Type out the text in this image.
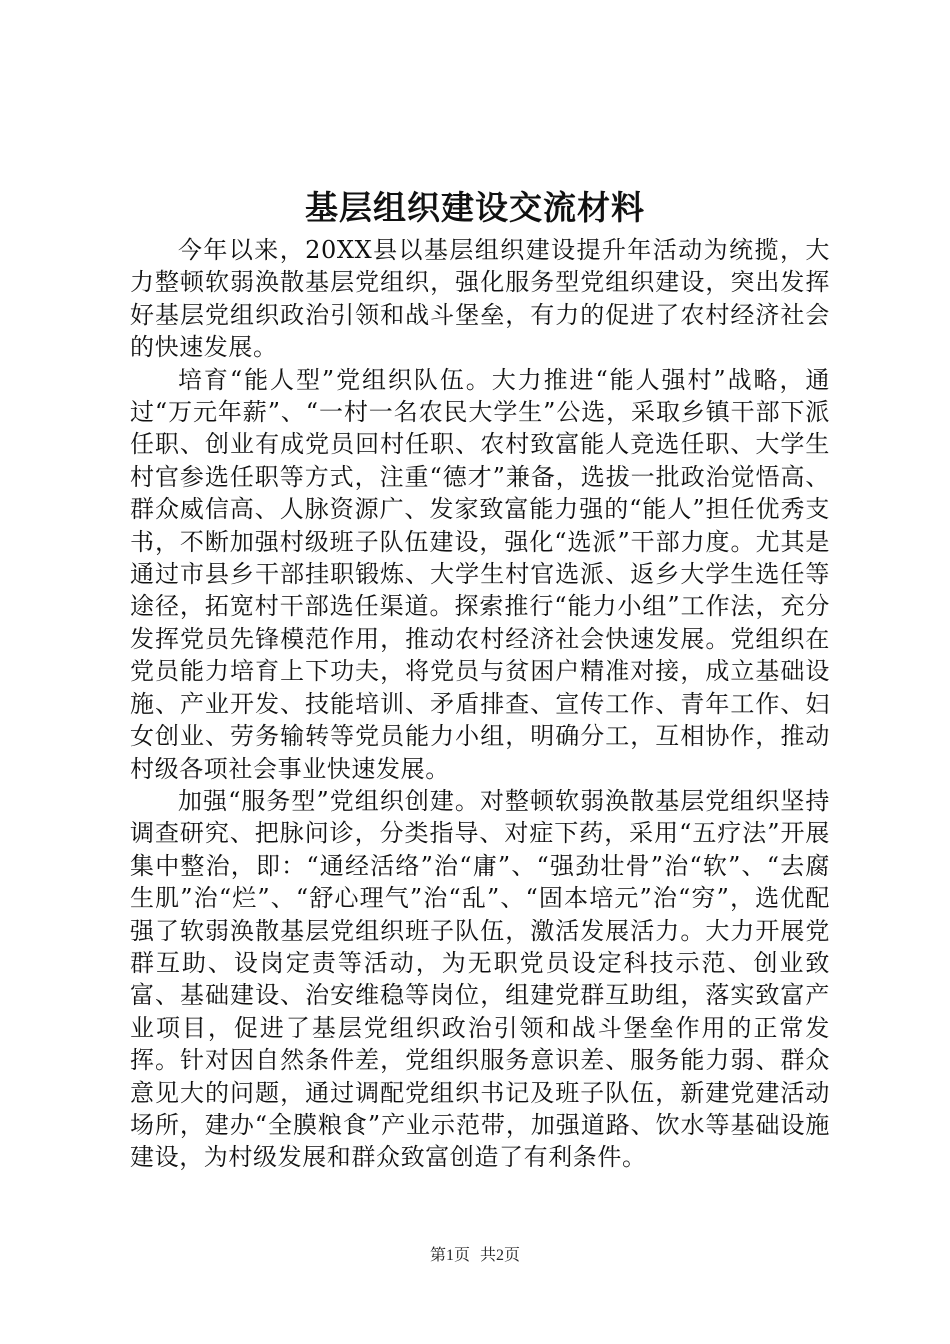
基层组织建设交流材料

今年以来，20XX县以基层组织建设提升年活动为统揽，大力整顿软弱涣散基层党组织，强化服务型党组织建设，突出发挥好基层党组织政治引领和战斗堡垒，有力的促进了农村经济社会的快速发展。

培育“能人型”党组织队伍。大力推进“能人强村”战略，通过“万元年薪”、“一村一名农民大学生”公选，采取乡镇干部下派任职、创业有成党员回村任职、农村致富能人竞选任职、大学生村官参选任职等方式，注重“德才”兼备，选拔一批政治觉悟高、群众威信高、人脉资源广、发家致富能力强的“能人”担任优秀支书，不断加强村级班子队伍建设，强化“选派”干部力度。尤其是通过市县乡干部挂职锻炼、大学生村官选派、返乡大学生选任等途径，拓宽村干部选任渠道。探索推行“能力小组”工作法，充分发挥党员先锋模范作用，推动农村经济社会快速发展。党组织在党员能力培育上下功夫，将党员与贫困户精准对接，成立基础设施、产业开发、技能培训、矛盾排查、宣传工作、青年工作、妇女创业、劳务输转等党员能力小组，明确分工，互相协作，推动村级各项社会事业快速发展。

加强“服务型”党组织创建。对整顿软弱涣散基层党组织坚持调查研究、把脉问诊，分类指导、对症下药，采用“五疗法”开展集中整治，即：“通经活络”治“庸”、“强劲壮骨”治“软”、“去腐生肌”治“烂”、“舒心理气”治“乱”、“固本培元”治“穷”，选优配强了软弱涣散基层党组织班子队伍，激活发展活力。大力开展党群互助、设岗定责等活动，为无职党员设定科技示范、创业致富、基础建设、治安维稳等岗位，组建党群互助组，落实致富产业项目，促进了基层党组织政治引领和战斗堡垒作用的正常发挥。针对因自然条件差，党组织服务意识差、服务能力弱、群众意见大的问题，通过调配党组织书记及班子队伍，新建党建活动场所，建办“全膜粮食”产业示范带，加强道路、饮水等基础设施建设，为村级发展和群众致富创造了有利条件。

第1页 共2页
